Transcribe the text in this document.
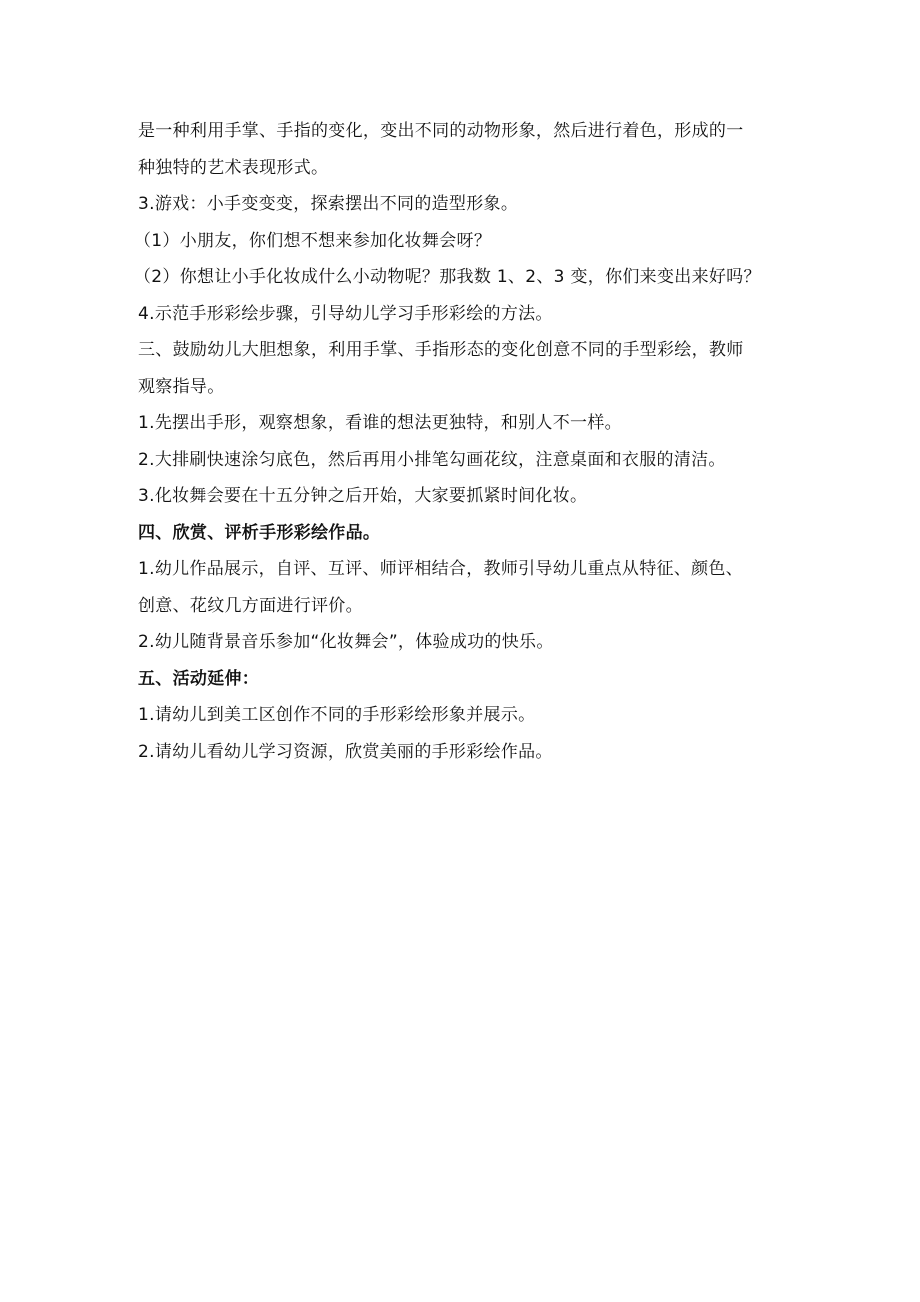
是一种利用手掌、手指的变化，变出不同的动物形象，然后进行着色，形成的一
种独特的艺术表现形式。
3.游戏：小手变变变，探索摆出不同的造型形象。
（1）小朋友，你们想不想来参加化妆舞会呀？
（2）你想让小手化妆成什么小动物呢？那我数 1、2、3 变，你们来变出来好吗？
4.示范手形彩绘步骤，引导幼儿学习手形彩绘的方法。
三、鼓励幼儿大胆想象，利用手掌、手指形态的变化创意不同的手型彩绘，教师
观察指导。
1.先摆出手形，观察想象，看谁的想法更独特，和别人不一样。
2.大排刷快速涂匀底色，然后再用小排笔勾画花纹，注意桌面和衣服的清洁。
3.化妆舞会要在十五分钟之后开始，大家要抓紧时间化妆。
四、欣赏、评析手形彩绘作品。
1.幼儿作品展示，自评、互评、师评相结合，教师引导幼儿重点从特征、颜色、
创意、花纹几方面进行评价。
2.幼儿随背景音乐参加“化妆舞会”，体验成功的快乐。
五、活动延伸：
1.请幼儿到美工区创作不同的手形彩绘形象并展示。
2.请幼儿看幼儿学习资源，欣赏美丽的手形彩绘作品。
